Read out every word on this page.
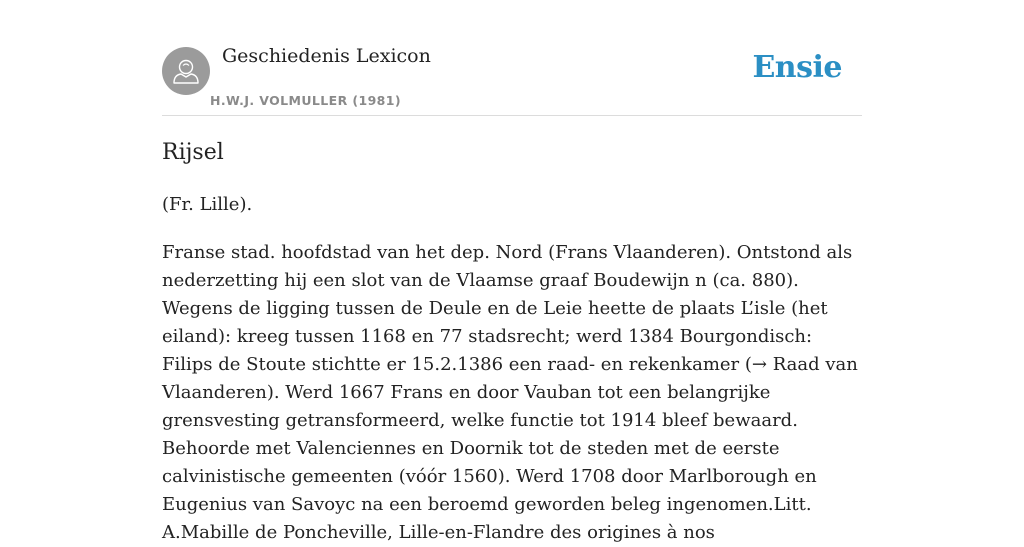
Geschiedenis Lexicon
H.W.J. VOLMULLER (1981)
Ensie
Rijsel

(Fr. Lille).

Franse stad. hoofdstad van het dep. Nord (Frans Vlaanderen). Ontstond als nederzetting hij een slot van de Vlaamse graaf Boudewijn n (ca. 880). Wegens de ligging tussen de Deule en de Leie heette de plaats L’isle (het eiland): kreeg tussen 1168 en 77 stadsrecht; werd 1384 Bourgondisch: Filips de Stoute stichtte er 15.2.1386 een raad- en rekenkamer (→ Raad van Vlaanderen). Werd 1667 Frans en door Vauban tot een belangrijke grensvesting getransformeerd, welke functie tot 1914 bleef bewaard. Behoorde met Valenciennes en Doornik tot de steden met de eerste calvinistische gemeenten (vóór 1560). Werd 1708 door Marlborough en Eugenius van Savoyc na een beroemd geworden beleg ingenomen.Litt. A.Mabille de Poncheville, Lille-en-Flandre des origines à nos
